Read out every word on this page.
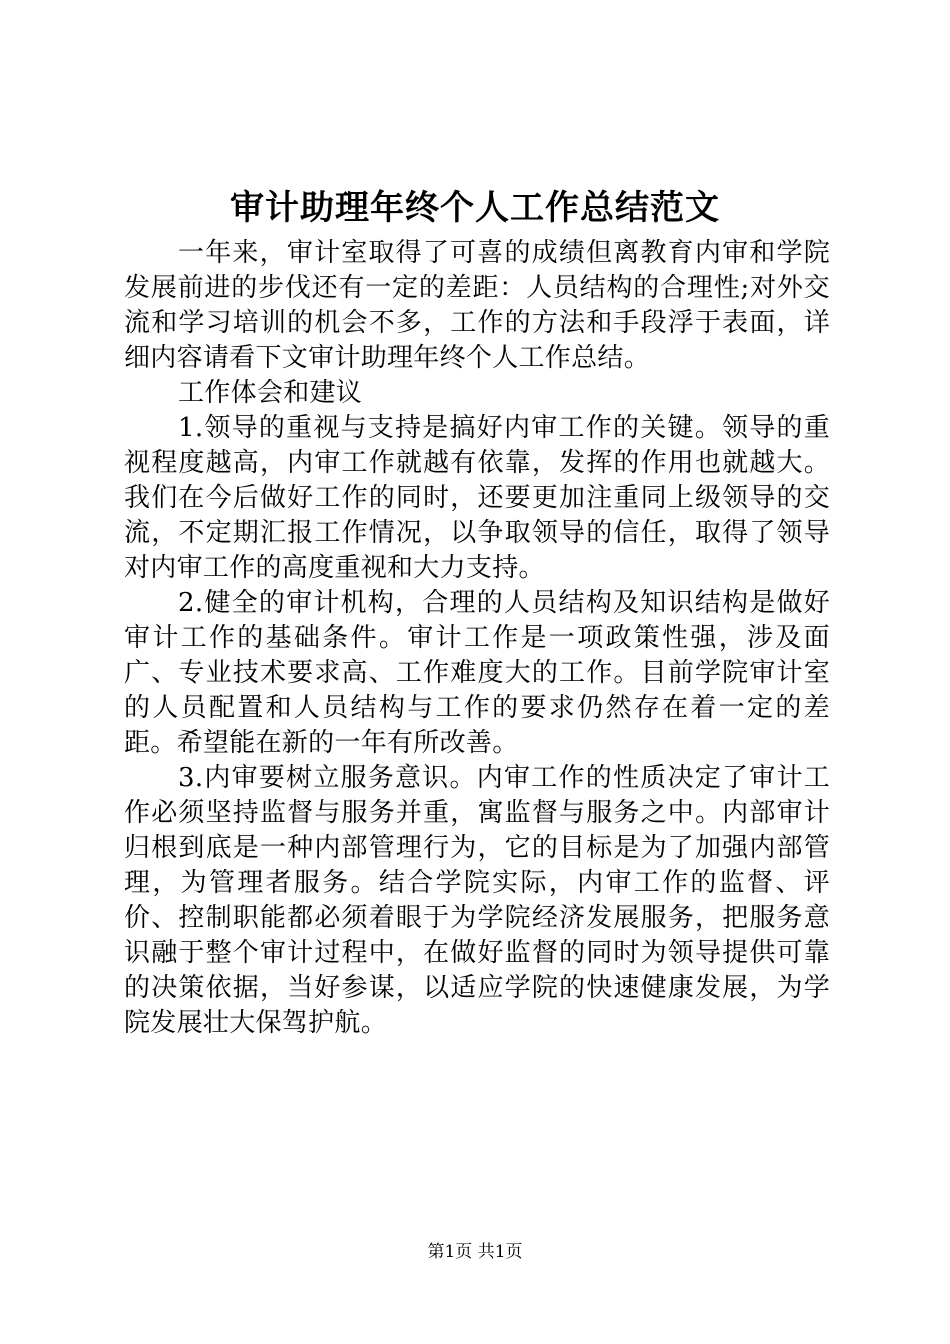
审计助理年终个人工作总结范文

一年来，审计室取得了可喜的成绩但离教育内审和学院发展前进的步伐还有一定的差距：人员结构的合理性;对外交流和学习培训的机会不多，工作的方法和手段浮于表面，详细内容请看下文审计助理年终个人工作总结。

工作体会和建议

1.领导的重视与支持是搞好内审工作的关键。领导的重视程度越高，内审工作就越有依靠，发挥的作用也就越大。我们在今后做好工作的同时，还要更加注重同上级领导的交流，不定期汇报工作情况，以争取领导的信任，取得了领导对内审工作的高度重视和大力支持。

2.健全的审计机构，合理的人员结构及知识结构是做好审计工作的基础条件。审计工作是一项政策性强，涉及面广、专业技术要求高、工作难度大的工作。目前学院审计室的人员配置和人员结构与工作的要求仍然存在着一定的差距。希望能在新的一年有所改善。

3.内审要树立服务意识。内审工作的性质决定了审计工作必须坚持监督与服务并重，寓监督与服务之中。内部审计归根到底是一种内部管理行为，它的目标是为了加强内部管理，为管理者服务。结合学院实际，内审工作的监督、评价、控制职能都必须着眼于为学院经济发展服务，把服务意识融于整个审计过程中，在做好监督的同时为领导提供可靠的决策依据，当好参谋，以适应学院的快速健康发展，为学院发展壮大保驾护航。

第1页 共1页
